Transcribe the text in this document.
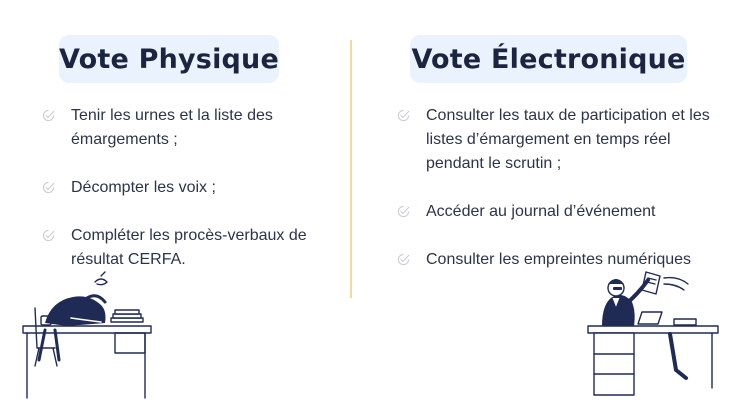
Vote Physique
Tenir les urnes et la liste des émargements ;
Décompter les voix ;
Compléter les procès-verbaux de résultat CERFA.
Vote Électronique
Consulter les taux de participation et les listes d’émargement en temps réel pendant le scrutin ;
Accéder au journal d’événement
Consulter les empreintes numériques
